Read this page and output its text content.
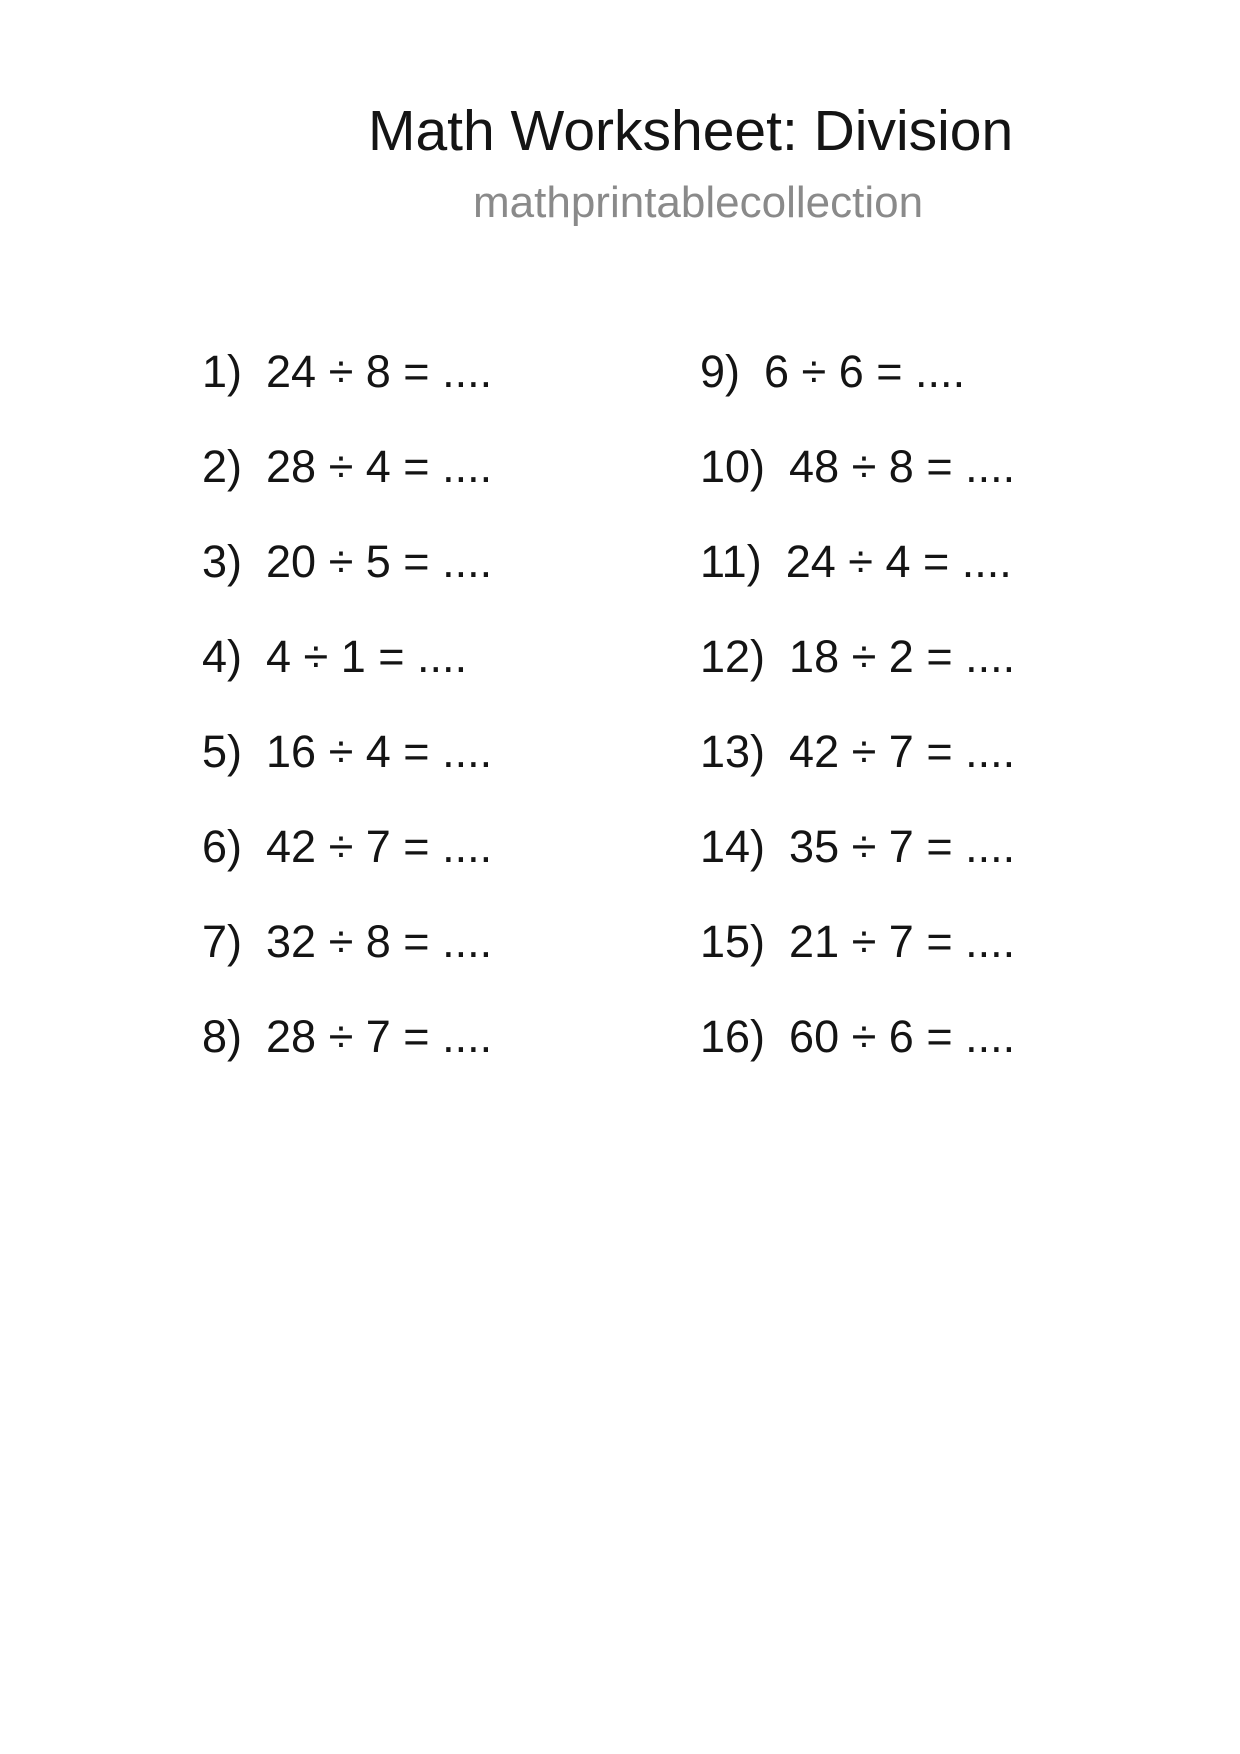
Math Worksheet: Division
mathprintablecollection
1) 24 ÷ 8 = ....
2) 28 ÷ 4 = ....
3) 20 ÷ 5 = ....
4) 4 ÷ 1 = ....
5) 16 ÷ 4 = ....
6) 42 ÷ 7 = ....
7) 32 ÷ 8 = ....
8) 28 ÷ 7 = ....
9) 6 ÷ 6 = ....
10) 48 ÷ 8 = ....
11) 24 ÷ 4 = ....
12) 18 ÷ 2 = ....
13) 42 ÷ 7 = ....
14) 35 ÷ 7 = ....
15) 21 ÷ 7 = ....
16) 60 ÷ 6 = ....
